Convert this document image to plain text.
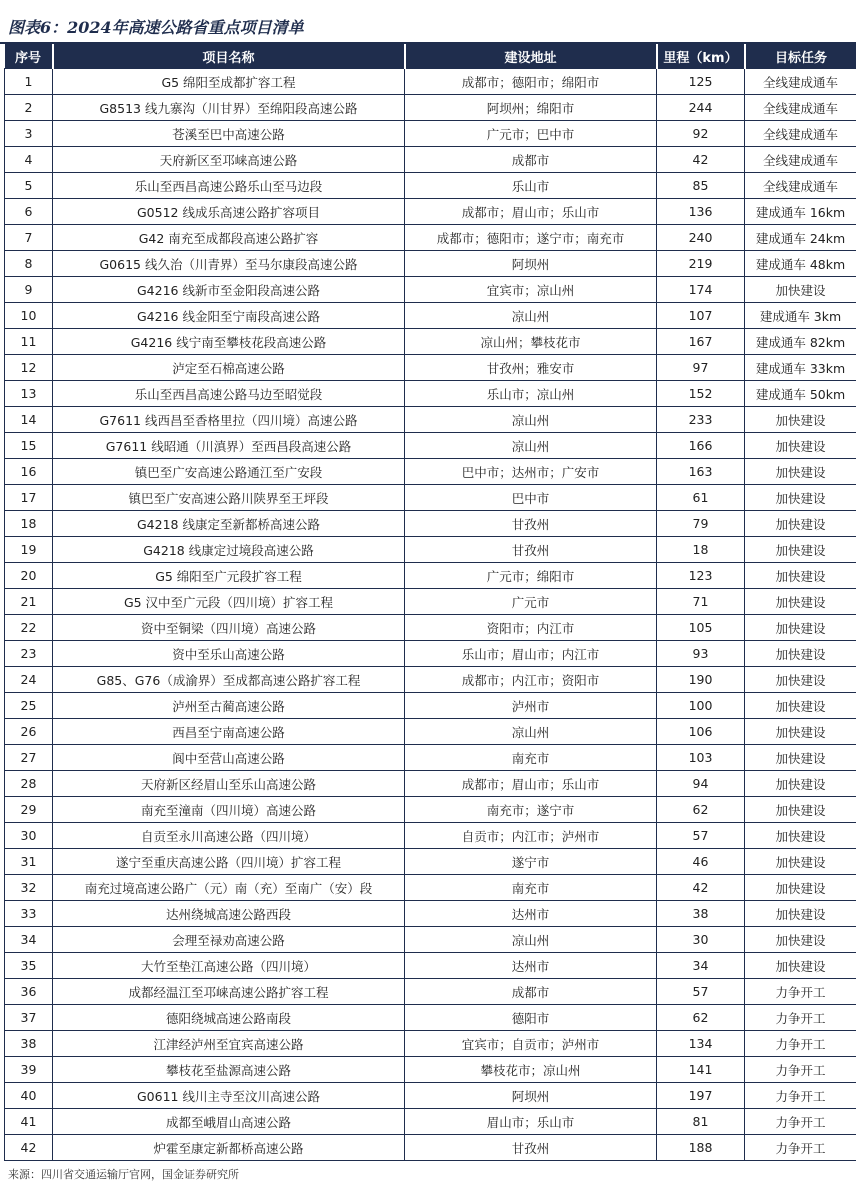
图表6：2024年高速公路省重点项目清单
序号	项目名称	建设地址	里程（km）	目标任务
1	G5 绵阳至成都扩容工程	成都市；德阳市；绵阳市	125	全线建成通车
2	G8513 线九寨沟（川甘界）至绵阳段高速公路	阿坝州；绵阳市	244	全线建成通车
3	苍溪至巴中高速公路	广元市；巴中市	92	全线建成通车
4	天府新区至邛崃高速公路	成都市	42	全线建成通车
5	乐山至西昌高速公路乐山至马边段	乐山市	85	全线建成通车
6	G0512 线成乐高速公路扩容项目	成都市；眉山市；乐山市	136	建成通车 16km
7	G42 南充至成都段高速公路扩容	成都市；德阳市；遂宁市；南充市	240	建成通车 24km
8	G0615 线久治（川青界）至马尔康段高速公路	阿坝州	219	建成通车 48km
9	G4216 线新市至金阳段高速公路	宜宾市；凉山州	174	加快建设
10	G4216 线金阳至宁南段高速公路	凉山州	107	建成通车 3km
11	G4216 线宁南至攀枝花段高速公路	凉山州；攀枝花市	167	建成通车 82km
12	泸定至石棉高速公路	甘孜州；雅安市	97	建成通车 33km
13	乐山至西昌高速公路马边至昭觉段	乐山市；凉山州	152	建成通车 50km
14	G7611 线西昌至香格里拉（四川境）高速公路	凉山州	233	加快建设
15	G7611 线昭通（川滇界）至西昌段高速公路	凉山州	166	加快建设
16	镇巴至广安高速公路通江至广安段	巴中市；达州市；广安市	163	加快建设
17	镇巴至广安高速公路川陕界至王坪段	巴中市	61	加快建设
18	G4218 线康定至新都桥高速公路	甘孜州	79	加快建设
19	G4218 线康定过境段高速公路	甘孜州	18	加快建设
20	G5 绵阳至广元段扩容工程	广元市；绵阳市	123	加快建设
21	G5 汉中至广元段（四川境）扩容工程	广元市	71	加快建设
22	资中至铜梁（四川境）高速公路	资阳市；内江市	105	加快建设
23	资中至乐山高速公路	乐山市；眉山市；内江市	93	加快建设
24	G85、G76（成渝界）至成都高速公路扩容工程	成都市；内江市；资阳市	190	加快建设
25	泸州至古蔺高速公路	泸州市	100	加快建设
26	西昌至宁南高速公路	凉山州	106	加快建设
27	阆中至营山高速公路	南充市	103	加快建设
28	天府新区经眉山至乐山高速公路	成都市；眉山市；乐山市	94	加快建设
29	南充至潼南（四川境）高速公路	南充市；遂宁市	62	加快建设
30	自贡至永川高速公路（四川境）	自贡市；内江市；泸州市	57	加快建设
31	遂宁至重庆高速公路（四川境）扩容工程	遂宁市	46	加快建设
32	南充过境高速公路广（元）南（充）至南广（安）段	南充市	42	加快建设
33	达州绕城高速公路西段	达州市	38	加快建设
34	会理至禄劝高速公路	凉山州	30	加快建设
35	大竹至垫江高速公路（四川境）	达州市	34	加快建设
36	成都经温江至邛崃高速公路扩容工程	成都市	57	力争开工
37	德阳绕城高速公路南段	德阳市	62	力争开工
38	江津经泸州至宜宾高速公路	宜宾市；自贡市；泸州市	134	力争开工
39	攀枝花至盐源高速公路	攀枝花市；凉山州	141	力争开工
40	G0611 线川主寺至汶川高速公路	阿坝州	197	力争开工
41	成都至峨眉山高速公路	眉山市；乐山市	81	力争开工
42	炉霍至康定新都桥高速公路	甘孜州	188	力争开工
来源：四川省交通运输厅官网，国金证券研究所
